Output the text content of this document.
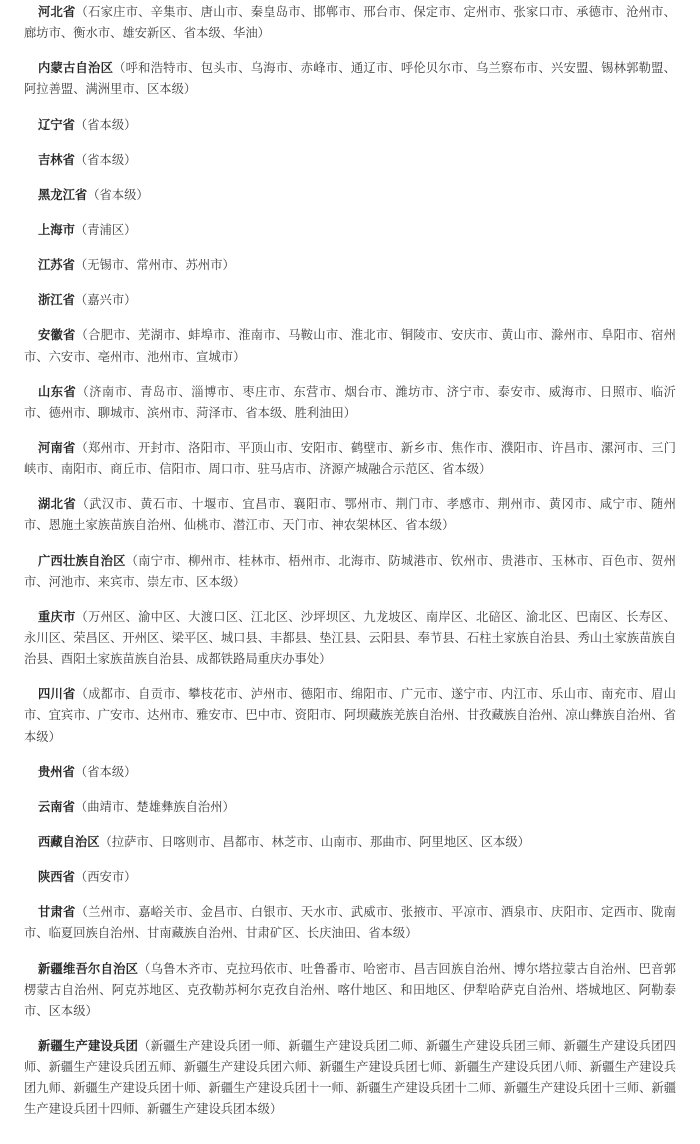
河北省（石家庄市、辛集市、唐山市、秦皇岛市、邯郸市、邢台市、保定市、定州市、张家口市、承德市、沧州市、廊坊市、衡水市、雄安新区、省本级、华油）

内蒙古自治区（呼和浩特市、包头市、乌海市、赤峰市、通辽市、呼伦贝尔市、乌兰察布市、兴安盟、锡林郭勒盟、阿拉善盟、满洲里市、区本级）

辽宁省（省本级）

吉林省（省本级）

黑龙江省（省本级）

上海市（青浦区）

江苏省（无锡市、常州市、苏州市）

浙江省（嘉兴市）

安徽省（合肥市、芜湖市、蚌埠市、淮南市、马鞍山市、淮北市、铜陵市、安庆市、黄山市、滁州市、阜阳市、宿州市、六安市、亳州市、池州市、宣城市）

山东省（济南市、青岛市、淄博市、枣庄市、东营市、烟台市、潍坊市、济宁市、泰安市、威海市、日照市、临沂市、德州市、聊城市、滨州市、菏泽市、省本级、胜利油田）

河南省（郑州市、开封市、洛阳市、平顶山市、安阳市、鹤壁市、新乡市、焦作市、濮阳市、许昌市、漯河市、三门峡市、南阳市、商丘市、信阳市、周口市、驻马店市、济源产城融合示范区、省本级）

湖北省（武汉市、黄石市、十堰市、宜昌市、襄阳市、鄂州市、荆门市、孝感市、荆州市、黄冈市、咸宁市、随州市、恩施土家族苗族自治州、仙桃市、潜江市、天门市、神农架林区、省本级）

广西壮族自治区（南宁市、柳州市、桂林市、梧州市、北海市、防城港市、钦州市、贵港市、玉林市、百色市、贺州市、河池市、来宾市、崇左市、区本级）

重庆市（万州区、渝中区、大渡口区、江北区、沙坪坝区、九龙坡区、南岸区、北碚区、渝北区、巴南区、长寿区、永川区、荣昌区、开州区、梁平区、城口县、丰都县、垫江县、云阳县、奉节县、石柱土家族自治县、秀山土家族苗族自治县、酉阳土家族苗族自治县、成都铁路局重庆办事处）

四川省（成都市、自贡市、攀枝花市、泸州市、德阳市、绵阳市、广元市、遂宁市、内江市、乐山市、南充市、眉山市、宜宾市、广安市、达州市、雅安市、巴中市、资阳市、阿坝藏族羌族自治州、甘孜藏族自治州、凉山彝族自治州、省本级）

贵州省（省本级）

云南省（曲靖市、楚雄彝族自治州）

西藏自治区（拉萨市、日喀则市、昌都市、林芝市、山南市、那曲市、阿里地区、区本级）

陕西省（西安市）

甘肃省（兰州市、嘉峪关市、金昌市、白银市、天水市、武威市、张掖市、平凉市、酒泉市、庆阳市、定西市、陇南市、临夏回族自治州、甘南藏族自治州、甘肃矿区、长庆油田、省本级）

新疆维吾尔自治区（乌鲁木齐市、克拉玛依市、吐鲁番市、哈密市、昌吉回族自治州、博尔塔拉蒙古自治州、巴音郭楞蒙古自治州、阿克苏地区、克孜勒苏柯尔克孜自治州、喀什地区、和田地区、伊犁哈萨克自治州、塔城地区、阿勒泰市、区本级）

新疆生产建设兵团（新疆生产建设兵团一师、新疆生产建设兵团二师、新疆生产建设兵团三师、新疆生产建设兵团四师、新疆生产建设兵团五师、新疆生产建设兵团六师、新疆生产建设兵团七师、新疆生产建设兵团八师、新疆生产建设兵团九师、新疆生产建设兵团十师、新疆生产建设兵团十一师、新疆生产建设兵团十二师、新疆生产建设兵团十三师、新疆生产建设兵团十四师、新疆生产建设兵团本级）
